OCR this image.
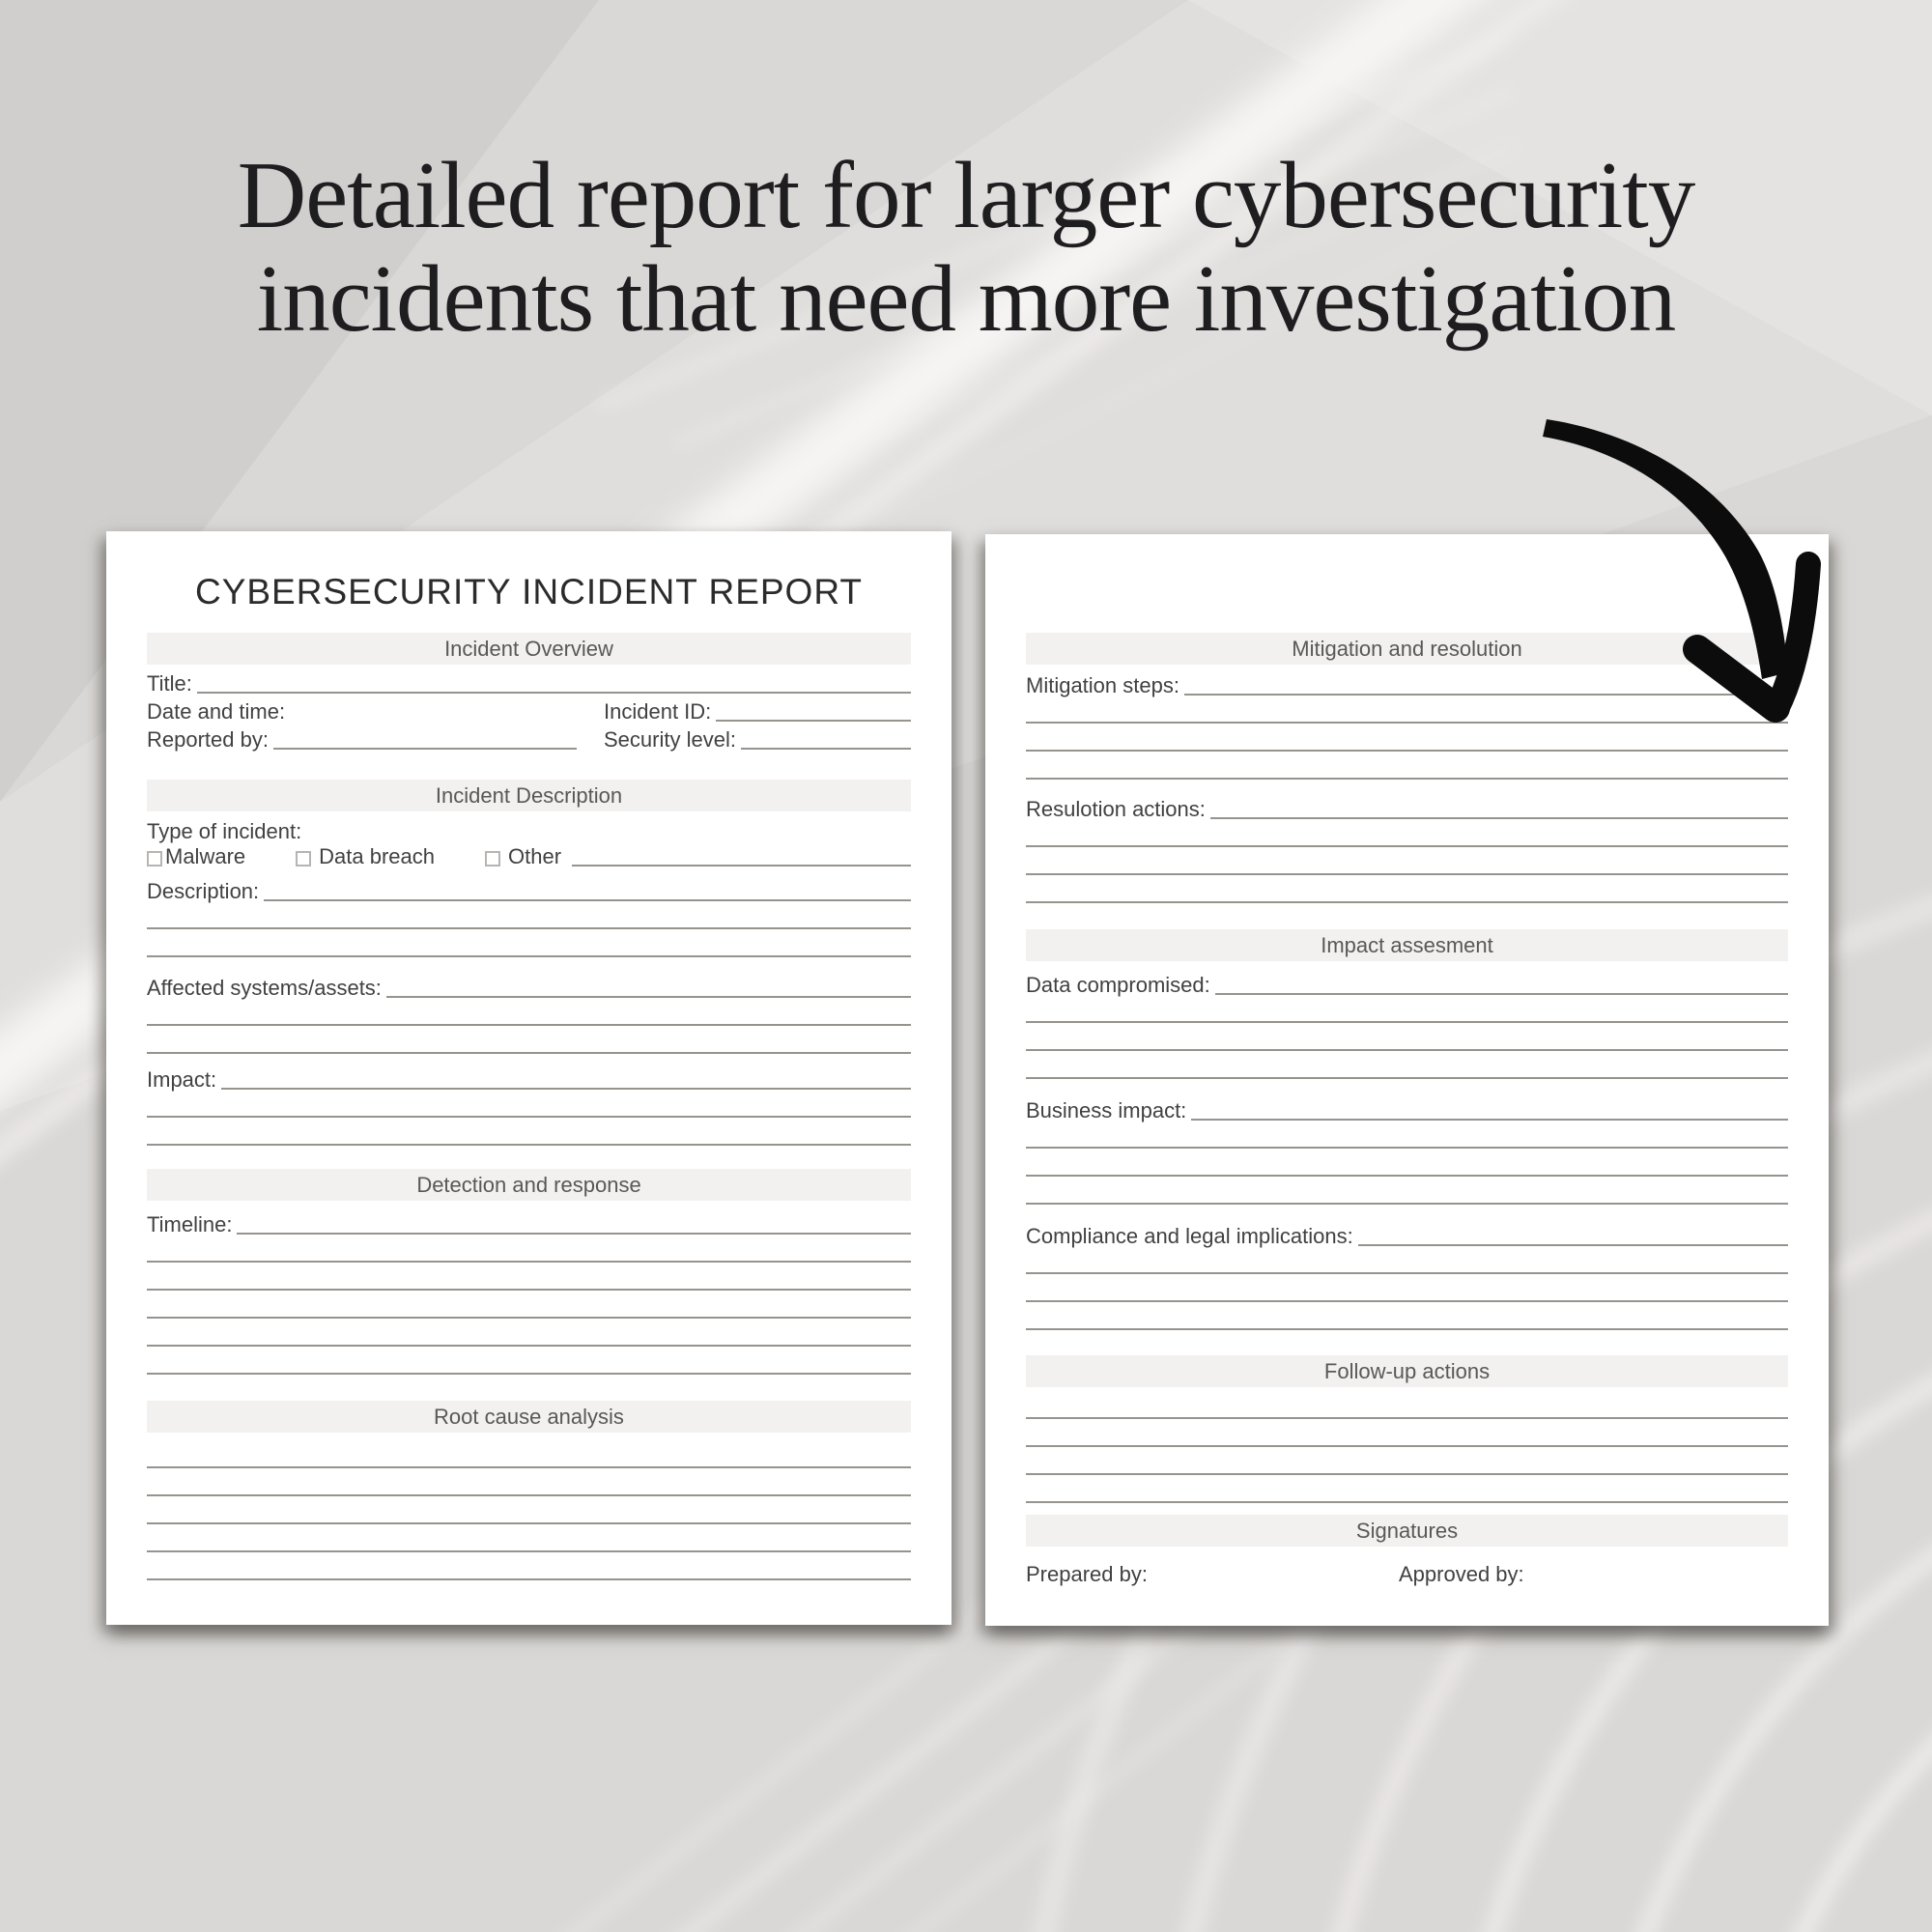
Detailed report for larger cybersecurity
incidents that need more investigation
CYBERSECURITY INCIDENT REPORT
Incident Overview
Title:
Date and time:	Incident ID:
Reported by:	Security level:
Incident Description
Type of incident:
Malware	Data breach	Other
Description:
Affected systems/assets:
Impact:
Detection and response
Timeline:
Root cause analysis
Mitigation and resolution
Mitigation steps:
Resulotion actions:
Impact assesment
Data compromised:
Business impact:
Compliance and legal implications:
Follow-up actions
Signatures
Prepared by:	Approved by:
